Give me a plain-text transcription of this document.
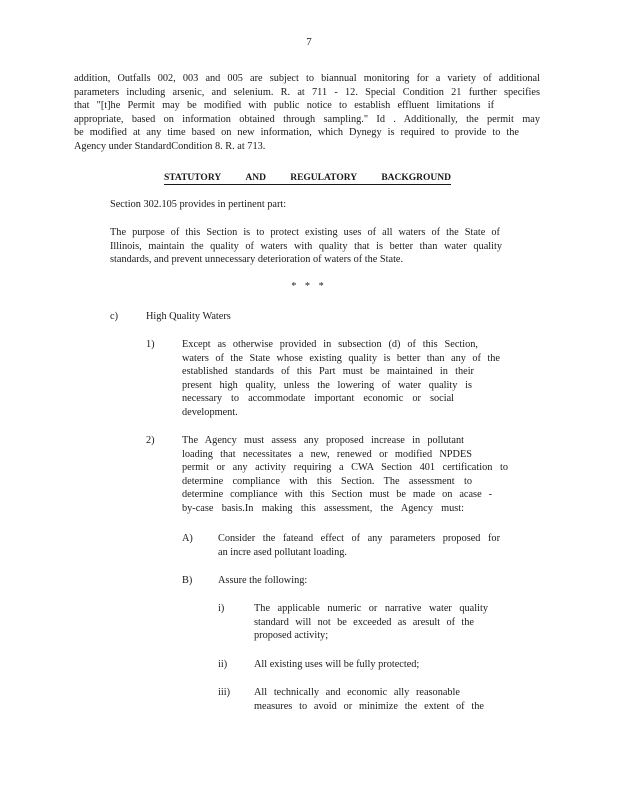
7
addition, Outfalls 002, 003 and 005 are subject to biannual monitoring for a variety of additional
parameters including arsenic, and selenium. R. at 711 - 12. Special Condition 21 further specifies
that "[t]he Permit may be modified with public notice to establish effluent limitations if
appropriate, based on information obtained through sampling." Id . Additionally, the permit may
be modified at any time based on new information, which Dynegy is required to provide to the
Agency under StandardCondition 8. R. at 713.
STATUTORY	AND	REGULATORY	BACKGROUND
Section 302.105 provides in pertinent part:
The purpose of this Section is to protect existing uses of all waters of the State of
Illinois, maintain the quality of waters with quality that is better than water quality
standards, and prevent unnecessary deterioration of waters of the State.
* * *
c)	High Quality Waters
1)	Except as otherwise provided in subsection (d) of this Section,
waters of the State whose existing quality is better than any of the
established standards of this Part must be maintained in their
present high quality, unless the lowering of water quality is
necessary to accommodate important economic or social
development.
2)	The Agency must assess any proposed increase in pollutant
loading that necessitates a new, renewed or modified NPDES
permit or any activity requiring a CWA Section 401 certification to
determine compliance with this Section. The assessment to
determine compliance with this Section must be made on acase -
by-case basis.In making this assessment, the Agency must:
A) Consider the fateand effect of any parameters proposed for
an incre ased pollutant loading.
B) Assure the following:
i)	The applicable numeric or narrative water quality
standard will not be exceeded as aresult of the
proposed activity;
ii)	All existing uses will be fully protected;
iii) All technically and economic ally reasonable
measures to avoid or minimize the extent of the
